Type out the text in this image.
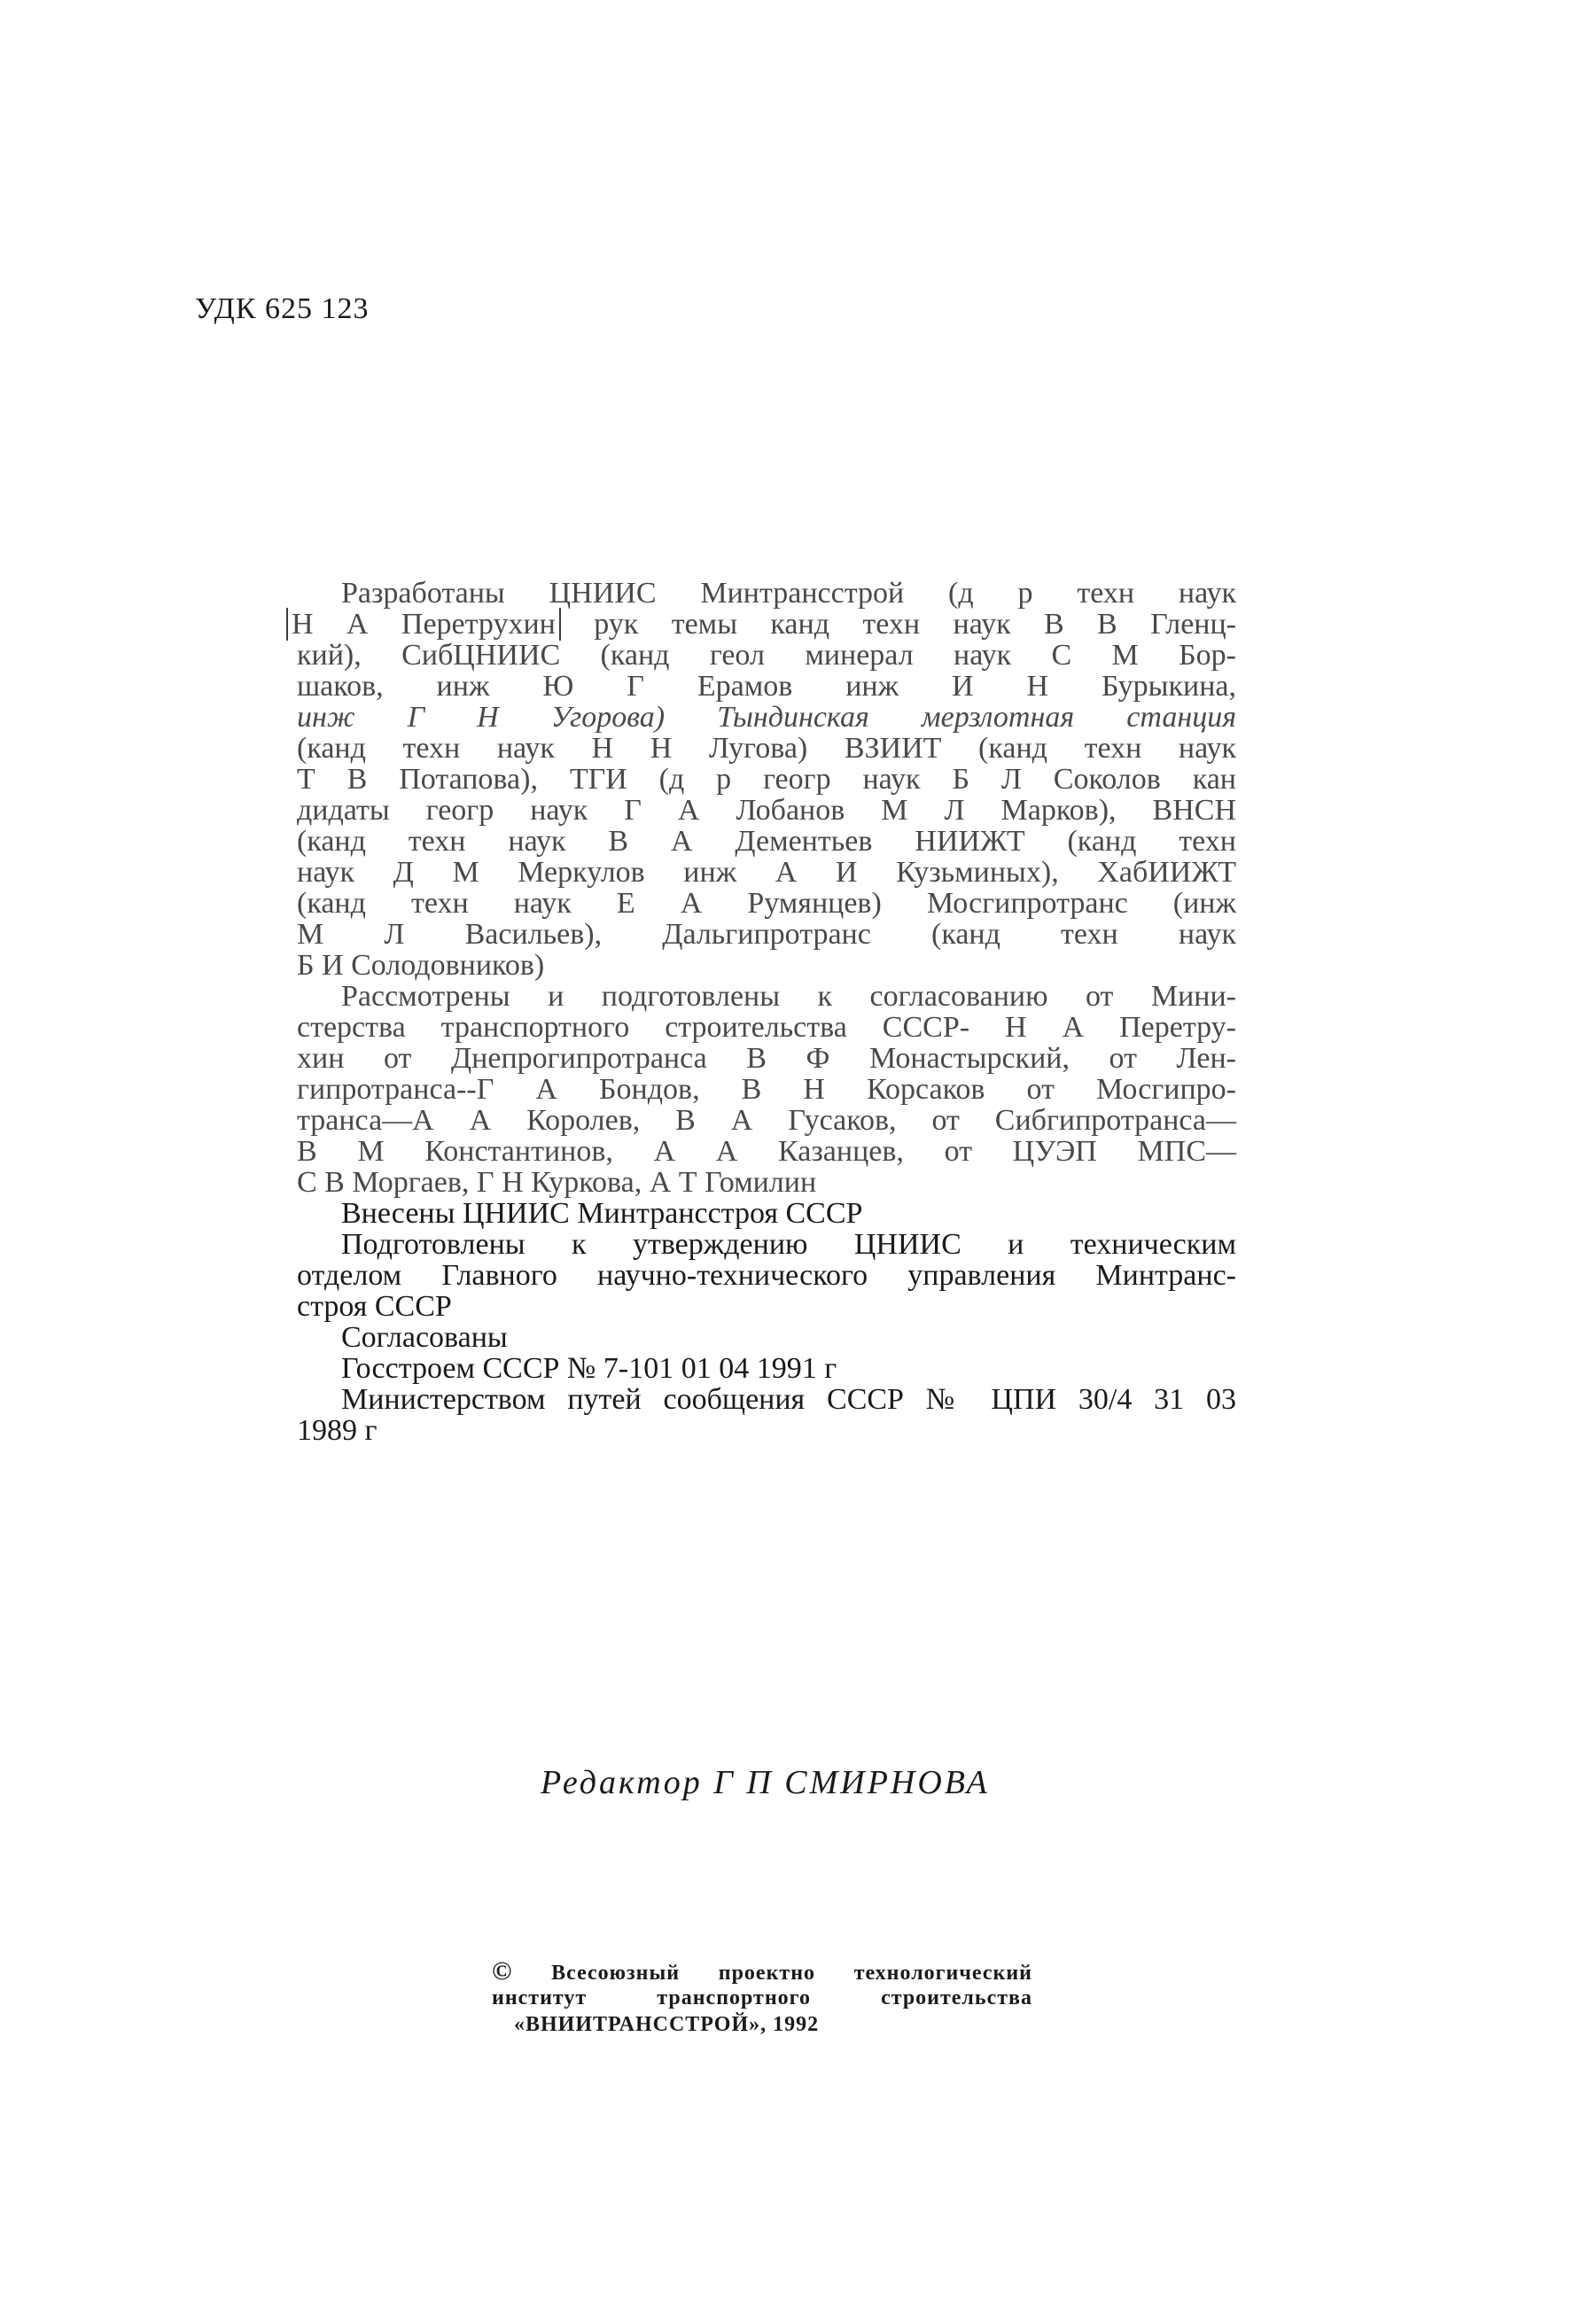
УДК 625 123
Разработаны ЦНИИС Минтрансстрой (д р техн наук
Н А Перетрухин рук темы канд техн наук В В Гленц-
кий), СибЦНИИС (канд геол минерал наук С М Бор-
шаков, инж Ю Г Ерамов инж И Н Бурыкина,
инж Г Н Угорова) Тындинская мерзлотная станция
(канд техн наук Н Н Лугова) ВЗИИТ (канд техн наук
Т В Потапова), ТГИ (д р геогр наук Б Л Соколов кан
дидаты геогр наук Г А Лобанов М Л Марков), ВНСН
(канд техн наук В А Дементьев НИИЖТ (канд техн
наук Д М Меркулов инж А И Кузьминых), ХабИИЖТ
(канд техн наук Е А Румянцев) Мосгипротранс (инж
М Л Васильев), Дальгипротранс (канд техн наук
Б И Солодовников)
Рассмотрены и подготовлены к согласованию от Мини-
стерства транспортного строительства СССР- Н А Перетру-
хин от Днепрогипротранса В Ф Монастырский, от Лен-
гипротранса--Г А Бондов, В Н Корсаков от Мосгипро-
транса—А А Королев, В А Гусаков, от Сибгипротранса—
В М Константинов, А А Казанцев, от ЦУЭП МПС—
С В Моргаев, Г Н Куркова, А Т Гомилин
Внесены ЦНИИС Минтрансстроя СССР
Подготовлены к утверждению ЦНИИС и техническим
отделом Главного научно-технического управления Минтранс-
строя СССР
Согласованы
Госстроем СССР № 7-101 01 04 1991 г
Министерством путей сообщения СССР № ЦПИ 30/4 31 03
1989 г
Редактор Г П СМИРНОВА
© Всесоюзный проектно технологический
институт транспортного строительства
«ВНИИТРАНССТРОЙ», 1992
